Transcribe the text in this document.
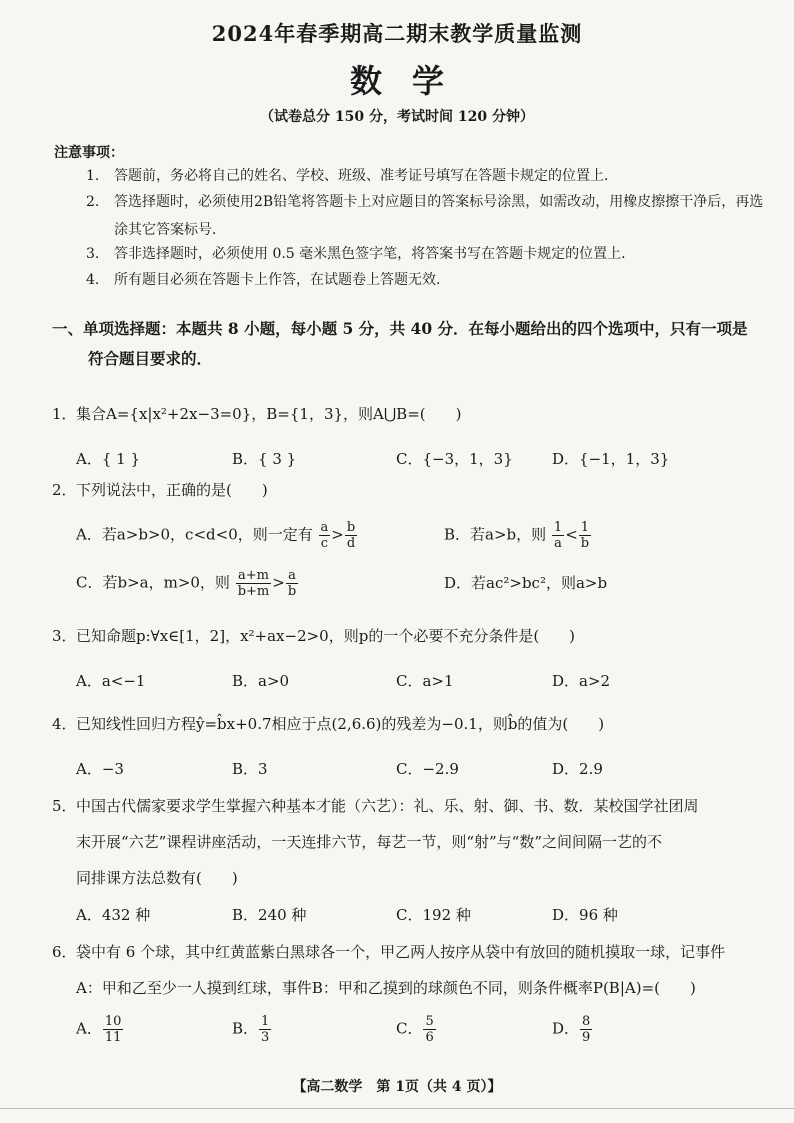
2024年春季期高二期末教学质量监测
数学
（试卷总分 150 分，考试时间 120 分钟）
注意事项：
1. 答题前，务必将自己的姓名、学校、班级、准考证号填写在答题卡规定的位置上．
2. 答选择题时，必须使用2B铅笔将答题卡上对应题目的答案标号涂黑，如需改动，用橡皮擦擦干净后，再选涂其它答案标号．
3. 答非选择题时，必须使用 0.5 毫米黑色签字笔，将答案书写在答题卡规定的位置上．
4. 所有题目必须在答题卡上作答，在试题卷上答题无效．
一、单项选择题：本题共 8 小题，每小题 5 分，共 40 分．在每小题给出的四个选项中，只有一项是
符合题目要求的．
1．集合A={x|x²+2x−3=0}，B={1，3}，则A⋃B=(　　)
A．{ 1 }	B．{ 3 }	C．{−3，1，3}	D．{−1，1，3}
2．下列说法中，正确的是(　　)
A．若a>b>0，c<d<0，则一定有 $\frac{a}{c} > \frac{b}{d}$	B．若a>b，则 $\frac{1}{a} < \frac{1}{b}$
C．若b>a，m>0，则 $\frac{a+m}{b+m} > \frac{a}{b}$	D．若ac²>bc²，则a>b
3．已知命题p:∀x∈[1，2]，x²+ax−2>0，则p的一个必要不充分条件是(　　)
A．a<−1	B．a>0	C．a>1	D．a>2
4．已知线性回归方程ŷ=b̂x+0.7相应于点(2,6.6)的残差为−0.1，则b̂的值为(　　)
A．−3	B．3	C．−2.9	D．2.9
5．中国古代儒家要求学生掌握六种基本才能（六艺）：礼、乐、射、御、书、数．某校国学社团周
末开展“六艺”课程讲座活动，一天连排六节，每艺一节，则“射”与“数”之间间隔一艺的不
同排课方法总数有(　　)
A．432 种	B．240 种	C．192 种	D．96 种
6．袋中有 6 个球，其中红黄蓝紫白黑球各一个，甲乙两人按序从袋中有放回的随机摸取一球，记事件
A：甲和乙至少一人摸到红球，事件B：甲和乙摸到的球颜色不同，则条件概率P(B|A)=(　　)
A． $\frac{10}{11}$	B． $\frac{1}{3}$	C． $\frac{5}{6}$	D． $\frac{8}{9}$
【高二数学　第 1页（共 4 页）】
